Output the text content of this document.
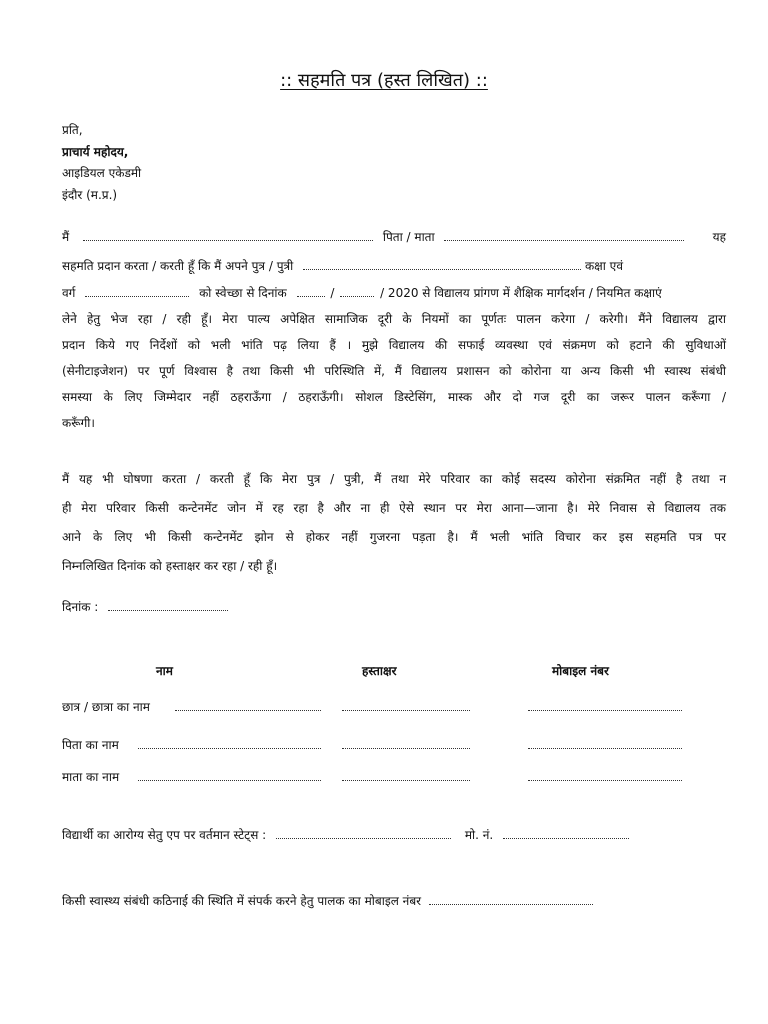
:: सहमति पत्र (हस्त लिखित) ::
प्रति,
प्राचार्य महोदय,
आइडियल एकेडमी
इंदौर (म.प्र.)
मैं	पिता / माता	यह
सहमति प्रदान करता / करती हूँ कि मैं अपने पुत्र / पुत्री	कक्षा एवं
वर्ग	को स्वेच्छा से दिनांक	/	/ 2020 से विद्यालय प्रांगण में शैक्षिक मार्गदर्शन / नियमित कक्षाएं
लेने हेतु भेज रहा / रही हूँ। मेरा पाल्य अपेक्षित सामाजिक दूरी के नियमों का पूर्णतः पालन करेगा / करेगी। मैंने विद्यालय द्वारा
प्रदान किये गए निर्देशों को भली भांति पढ़ लिया हैं । मुझे विद्यालय की सफाई व्यवस्था एवं संक्रमण को हटाने की सुविधाओं
(सेनीटाइजेशन) पर पूर्ण विश्वास है तथा किसी भी परिस्थिति में, मैं विद्यालय प्रशासन को कोरोना या अन्य किसी भी स्वास्थ संबंधी
समस्या के लिए जिम्मेदार नहीं ठहराऊँगा / ठहराऊँगी। सोशल डिस्टेसिंग, मास्क और दो गज दूरी का जरूर पालन करूँगा /
करूँगी।
मैं यह भी घोषणा करता / करती हूँ कि मेरा पुत्र / पुत्री, मैं तथा मेरे परिवार का कोई सदस्य कोरोना संक्रमित नहीं है तथा न
ही मेरा परिवार किसी कन्टेनमेंट जोन में रह रहा है और ना ही ऐसे स्थान पर मेरा आना—जाना है। मेरे निवास से विद्यालय तक
आने के लिए भी किसी कन्टेनमेंट झोन से होकर नहीं गुजरना पड़ता है। मैं भली भांति विचार कर इस सहमति पत्र पर
निम्नलिखित दिनांक को हस्ताक्षर कर रहा / रही हूँ।
दिनांक :
नाम	हस्ताक्षर	मोबाइल नंबर
छात्र / छात्रा का नाम
पिता का नाम
माता का नाम
विद्यार्थी का आरोग्य सेतु एप पर वर्तमान स्टेट्स :	मो. नं.
किसी स्वास्थ्य संबंधी कठिनाई की स्थिति में संपर्क करने हेतु पालक का मोबाइल नंबर
